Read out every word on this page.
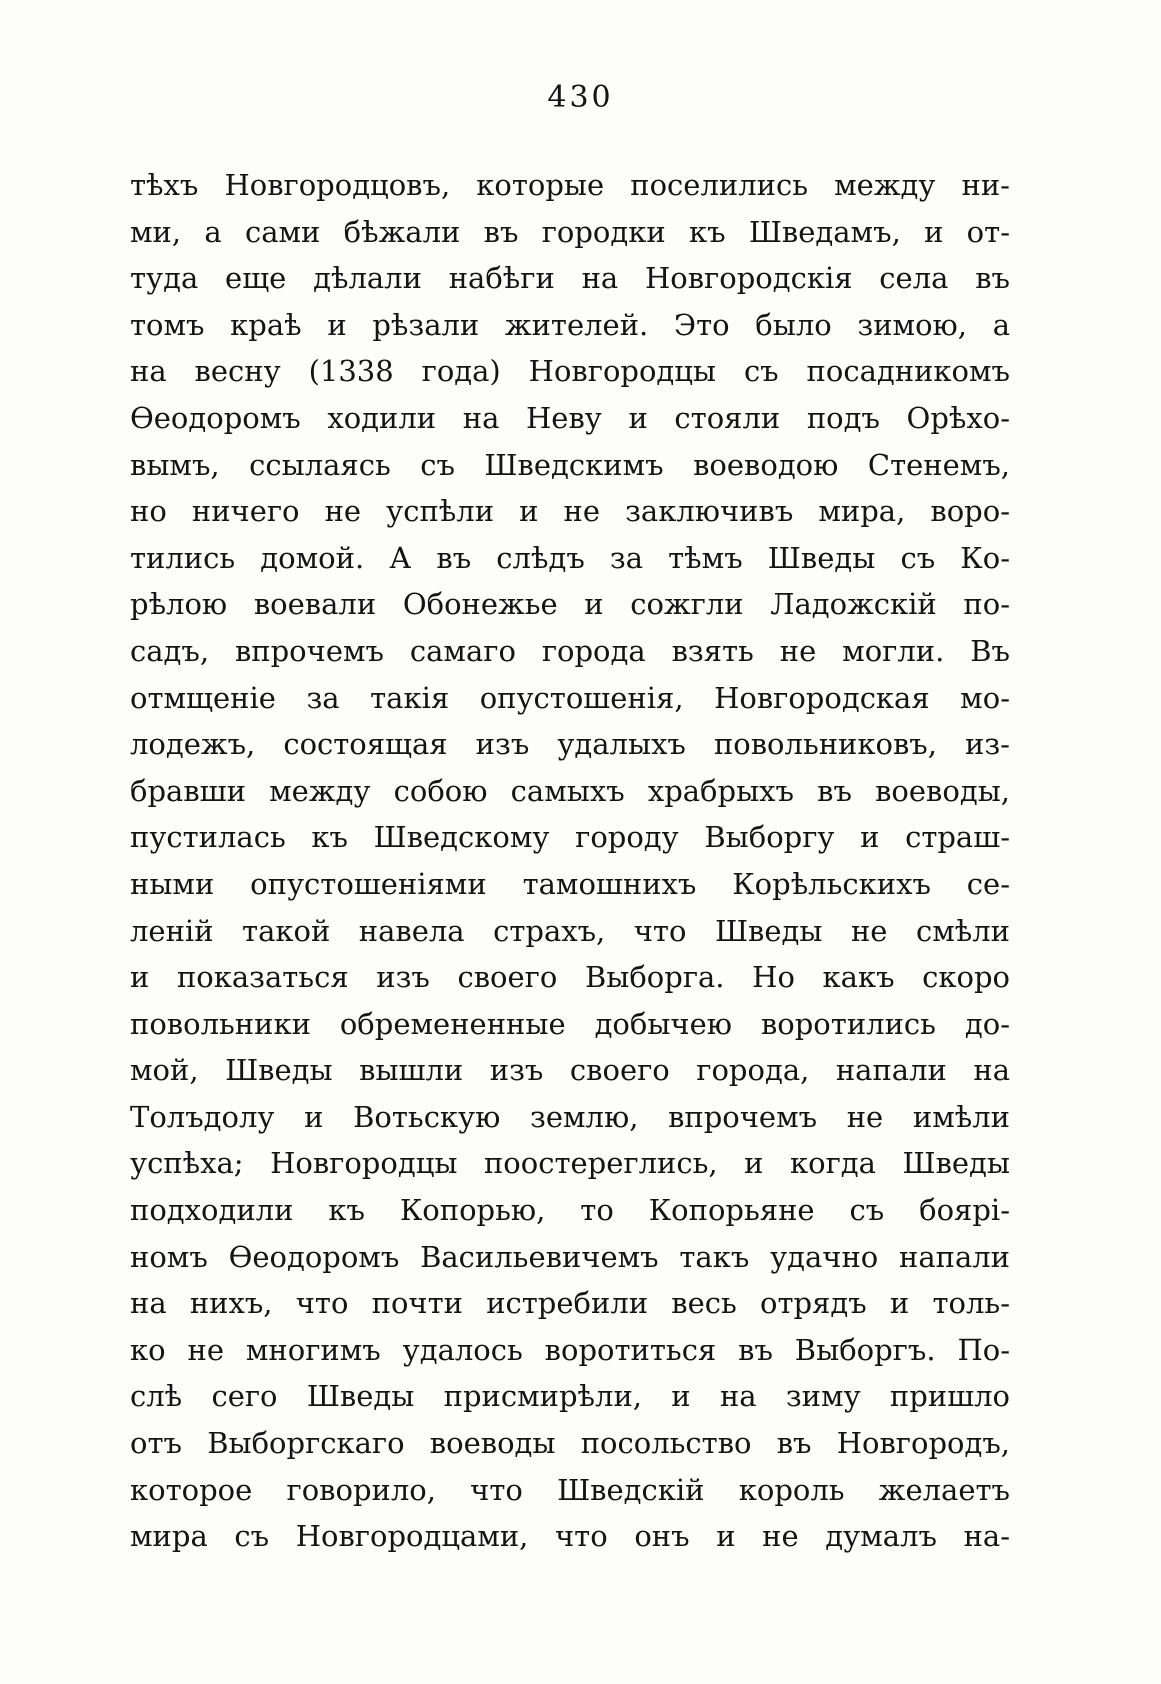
430
тѣхъ Новгородцовъ, которые поселились между ни-
ми, а сами бѣжали въ городки къ Шведамъ, и от-
туда еще дѣлали набѣги на Новгородскія села въ
томъ краѣ и рѣзали жителей. Это было зимою, а
на весну (1338 года) Новгородцы съ посадникомъ
Ѳеодоромъ ходили на Неву и стояли подъ Орѣхо-
вымъ, ссылаясь съ Шведскимъ воеводою Стенемъ,
но ничего не успѣли и не заключивъ мира, воро-
тились домой. А въ слѣдъ за тѣмъ Шведы съ Ко-
рѣлою воевали Обонежье и сожгли Ладожскій по-
садъ, впрочемъ самаго города взять не могли. Въ
отмщеніе за такія опустошенія, Новгородская мо-
лодежъ, состоящая изъ удалыхъ повольниковъ, из-
бравши между собою самыхъ храбрыхъ въ воеводы,
пустилась къ Шведскому городу Выборгу и страш-
ными опустошеніями тамошнихъ Корѣльскихъ се-
леній такой навела страхъ, что Шведы не смѣли
и показаться изъ своего Выборга. Но какъ скоро
повольники обремененные добычею воротились до-
мой, Шведы вышли изъ своего города, напали на
Толъдолу и Вотьскую землю, впрочемъ не имѣли
успѣха; Новгородцы поостереглись, и когда Шведы
подходили къ Копорью, то Копорьяне съ боярi-
номъ Ѳеодоромъ Васильевичемъ такъ удачно напали
на нихъ, что почти истребили весь отрядъ и толь-
ко не многимъ удалось воротиться въ Выборгъ. По-
слѣ сего Шведы присмирѣли, и на зиму пришло
отъ Выборгскаго воеводы посольство въ Новгородъ,
которое говорило, что Шведскій король желаетъ
мира съ Новгородцами, что онъ и не думалъ на-
